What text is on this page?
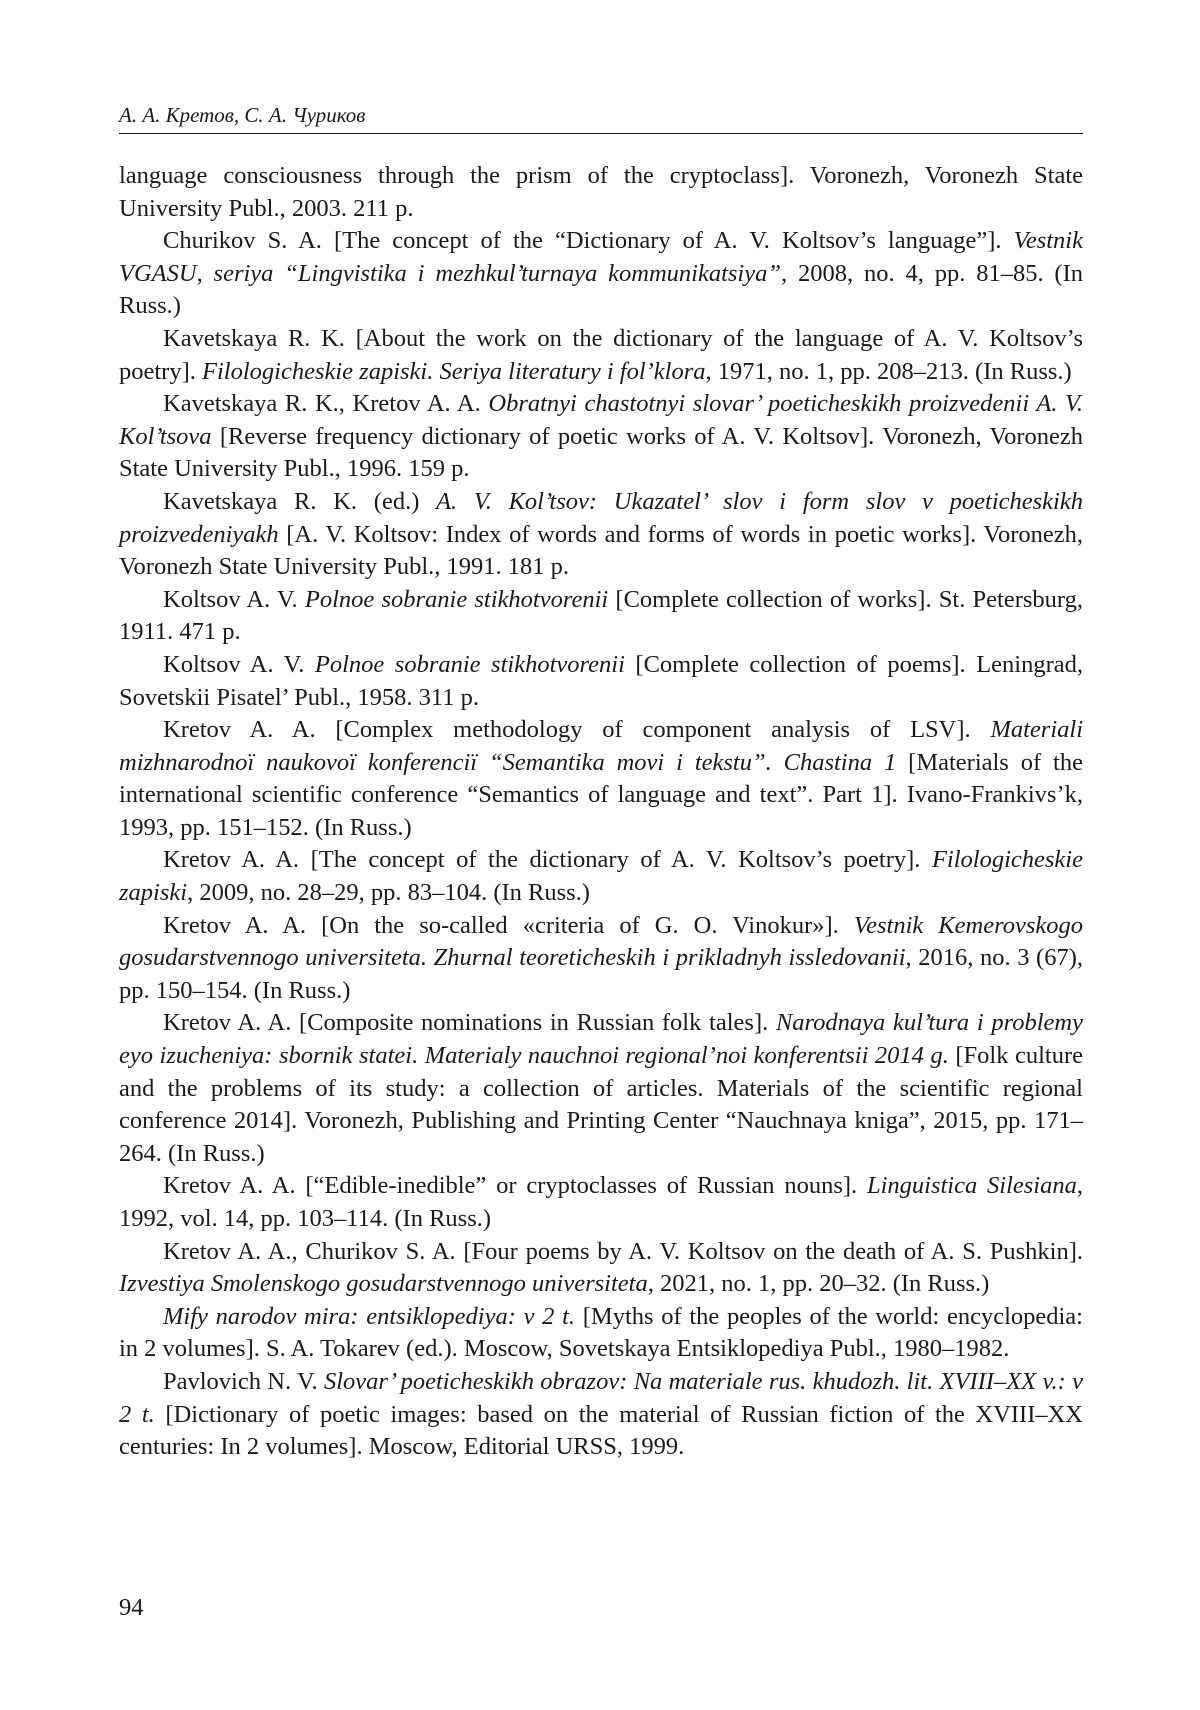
А. А. Кретов, С. А. Чуриков

language consciousness through the prism of the cryptoclass]. Voronezh, Voronezh State University Publ., 2003. 211 p.

Churikov S. A. [The concept of the “Dictionary of A. V. Koltsov’s language”]. Vestnik VGASU, seriya “Lingvistika i mezhkul’turnaya kommunikatsiya”, 2008, no. 4, pp. 81–85. (In Russ.)

Kavetskaya R. K. [About the work on the dictionary of the language of A. V. Koltsov’s poetry]. Filologicheskie zapiski. Seriya literatury i fol’klora, 1971, no. 1, pp. 208–213. (In Russ.)

Kavetskaya R. K., Kretov A. A. Obratnyi chastotnyi slovar’ poeticheskikh proizvedenii A. V. Kol’tsova [Reverse frequency dictionary of poetic works of A. V. Koltsov]. Voronezh, Voronezh State University Publ., 1996. 159 p.

Kavetskaya R. K. (ed.) A. V. Kol’tsov: Ukazatel’ slov i form slov v poeticheskikh proizvedeniyakh [A. V. Koltsov: Index of words and forms of words in poetic works]. Voronezh, Voronezh State University Publ., 1991. 181 p.

Koltsov A. V. Polnoe sobranie stikhotvorenii [Complete collection of works]. St. Petersburg, 1911. 471 p.

Koltsov A. V. Polnoe sobranie stikhotvorenii [Complete collection of poems]. Leningrad, Sovetskii Pisatel’ Publ., 1958. 311 p.

Kretov A. A. [Complex methodology of component analysis of LSV]. Materiali mizhnarodnoї naukovoї konferencії “Semantika movi i tekstu”. Chastina 1 [Materials of the international scientific conference “Semantics of language and text”. Part 1]. Ivano-Frankivs’k, 1993, pp. 151–152. (In Russ.)

Kretov A. A. [The concept of the dictionary of A. V. Koltsov’s poetry]. Filologicheskie zapiski, 2009, no. 28–29, pp. 83–104. (In Russ.)

Kretov A. A. [On the so-called «criteria of G. O. Vinokur»]. Vestnik Kemerovskogo gosudarstvennogo universiteta. Zhurnal teoreticheskih i prikladnyh issledovanii, 2016, no. 3 (67), pp. 150–154. (In Russ.)

Kretov A. A. [Composite nominations in Russian folk tales]. Narodnaya kul’tura i problemy eyo izucheniya: sbornik statei. Materialy nauchnoi regional’noi konferentsii 2014 g. [Folk culture and the problems of its study: a collection of articles. Materials of the scientific regional conference 2014]. Voronezh, Publishing and Printing Center “Nauchnaya kniga”, 2015, pp. 171–264. (In Russ.)

Kretov A. A. [“Edible-inedible” or cryptoclasses of Russian nouns]. Linguistica Silesiana, 1992, vol. 14, pp. 103–114. (In Russ.)

Kretov A. A., Churikov S. A. [Four poems by A. V. Koltsov on the death of A. S. Pushkin]. Izvestiya Smolenskogo gosudarstvennogo universiteta, 2021, no. 1, pp. 20–32. (In Russ.)

Mify narodov mira: entsiklopediya: v 2 t. [Myths of the peoples of the world: encyclopedia: in 2 volumes]. S. A. Tokarev (ed.). Moscow, Sovetskaya Entsiklopediya Publ., 1980–1982.

Pavlovich N. V. Slovar’ poeticheskikh obrazov: Na materiale rus. khudozh. lit. XVIII–XX v.: v 2 t. [Dictionary of poetic images: based on the material of Russian fiction of the XVIII–XX centuries: In 2 volumes]. Moscow, Editorial URSS, 1999.

94
